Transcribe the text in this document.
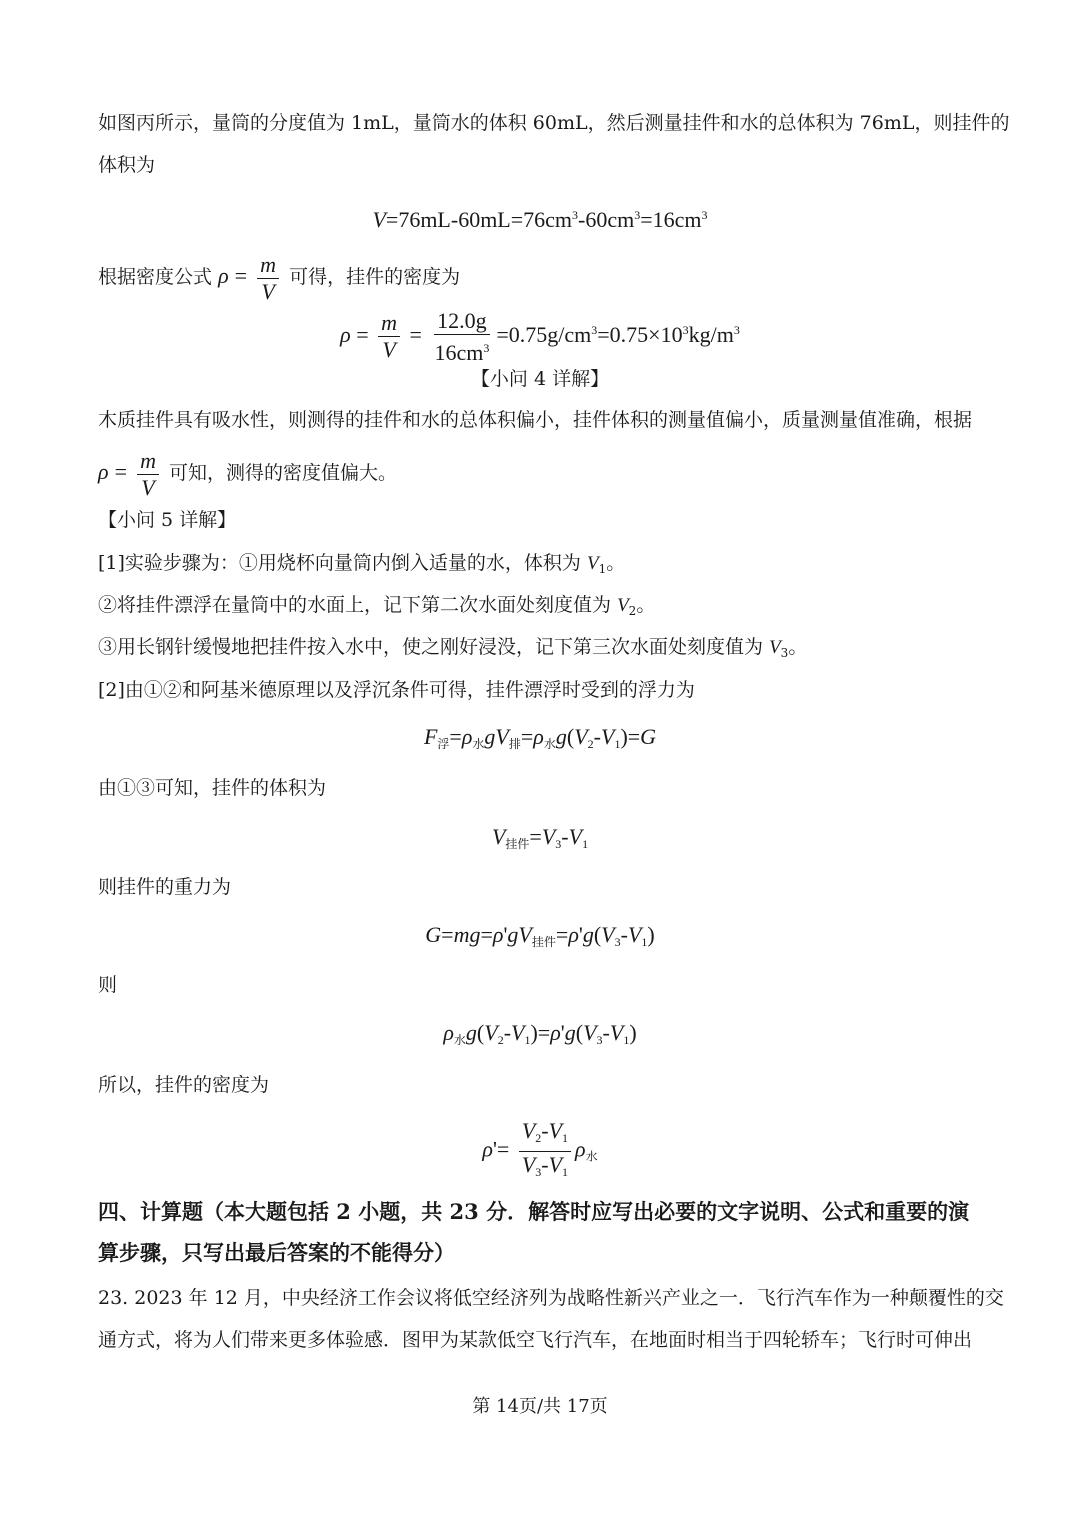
如图丙所示，量筒的分度值为 1mL，量筒水的体积 60mL，然后测量挂件和水的总体积为 76mL，则挂件的
体积为
$V=76mL-60mL=76cm^3-60cm^3=16cm^3$
根据密度公式 $\rho = \frac{m}{V}$ 可得，挂件的密度为
$\rho = \frac{m}{V} = \frac{12.0g}{16cm^3} =0.75g/cm^3=0.75\times 10^3kg/m^3$
【小问 4 详解】
木质挂件具有吸水性，则测得的挂件和水的总体积偏小，挂件体积的测量值偏小，质量测量值准确，根据
$\rho = \frac{m}{V}$ 可知，测得的密度值偏大。
【小问 5 详解】
[1]实验步骤为：①用烧杯向量筒内倒入适量的水，体积为 $V_1$。
②将挂件漂浮在量筒中的水面上，记下第二次水面处刻度值为 $V_2$。
③用长钢针缓慢地把挂件按入水中，使之刚好浸没，记下第三次水面处刻度值为 $V_3$。
[2]由①②和阿基米德原理以及浮沉条件可得，挂件漂浮时受到的浮力为
$F_浮=\rho_水gV_排=\rho_水g(V_2-V_1)=G$
由①③可知，挂件的体积为
$V_{挂件}=V_3-V_1$
则挂件的重力为
$G=mg=\rho'gV_{挂件}=\rho'g(V_3-V_1)$
则
$\rho_水g(V_2-V_1)=\rho'g(V_3-V_1)$
所以，挂件的密度为
$\rho'= \frac{V_2-V_1}{V_3-V_1} \rho_水$
四、计算题（本大题包括 2 小题，共 23 分．解答时应写出必要的文字说明、公式和重要的演
算步骤，只写出最后答案的不能得分）
23. 2023 年 12 月，中央经济工作会议将低空经济列为战略性新兴产业之一．飞行汽车作为一种颠覆性的交
通方式，将为人们带来更多体验感．图甲为某款低空飞行汽车，在地面时相当于四轮轿车；飞行时可伸出
第 14页/共 17页
